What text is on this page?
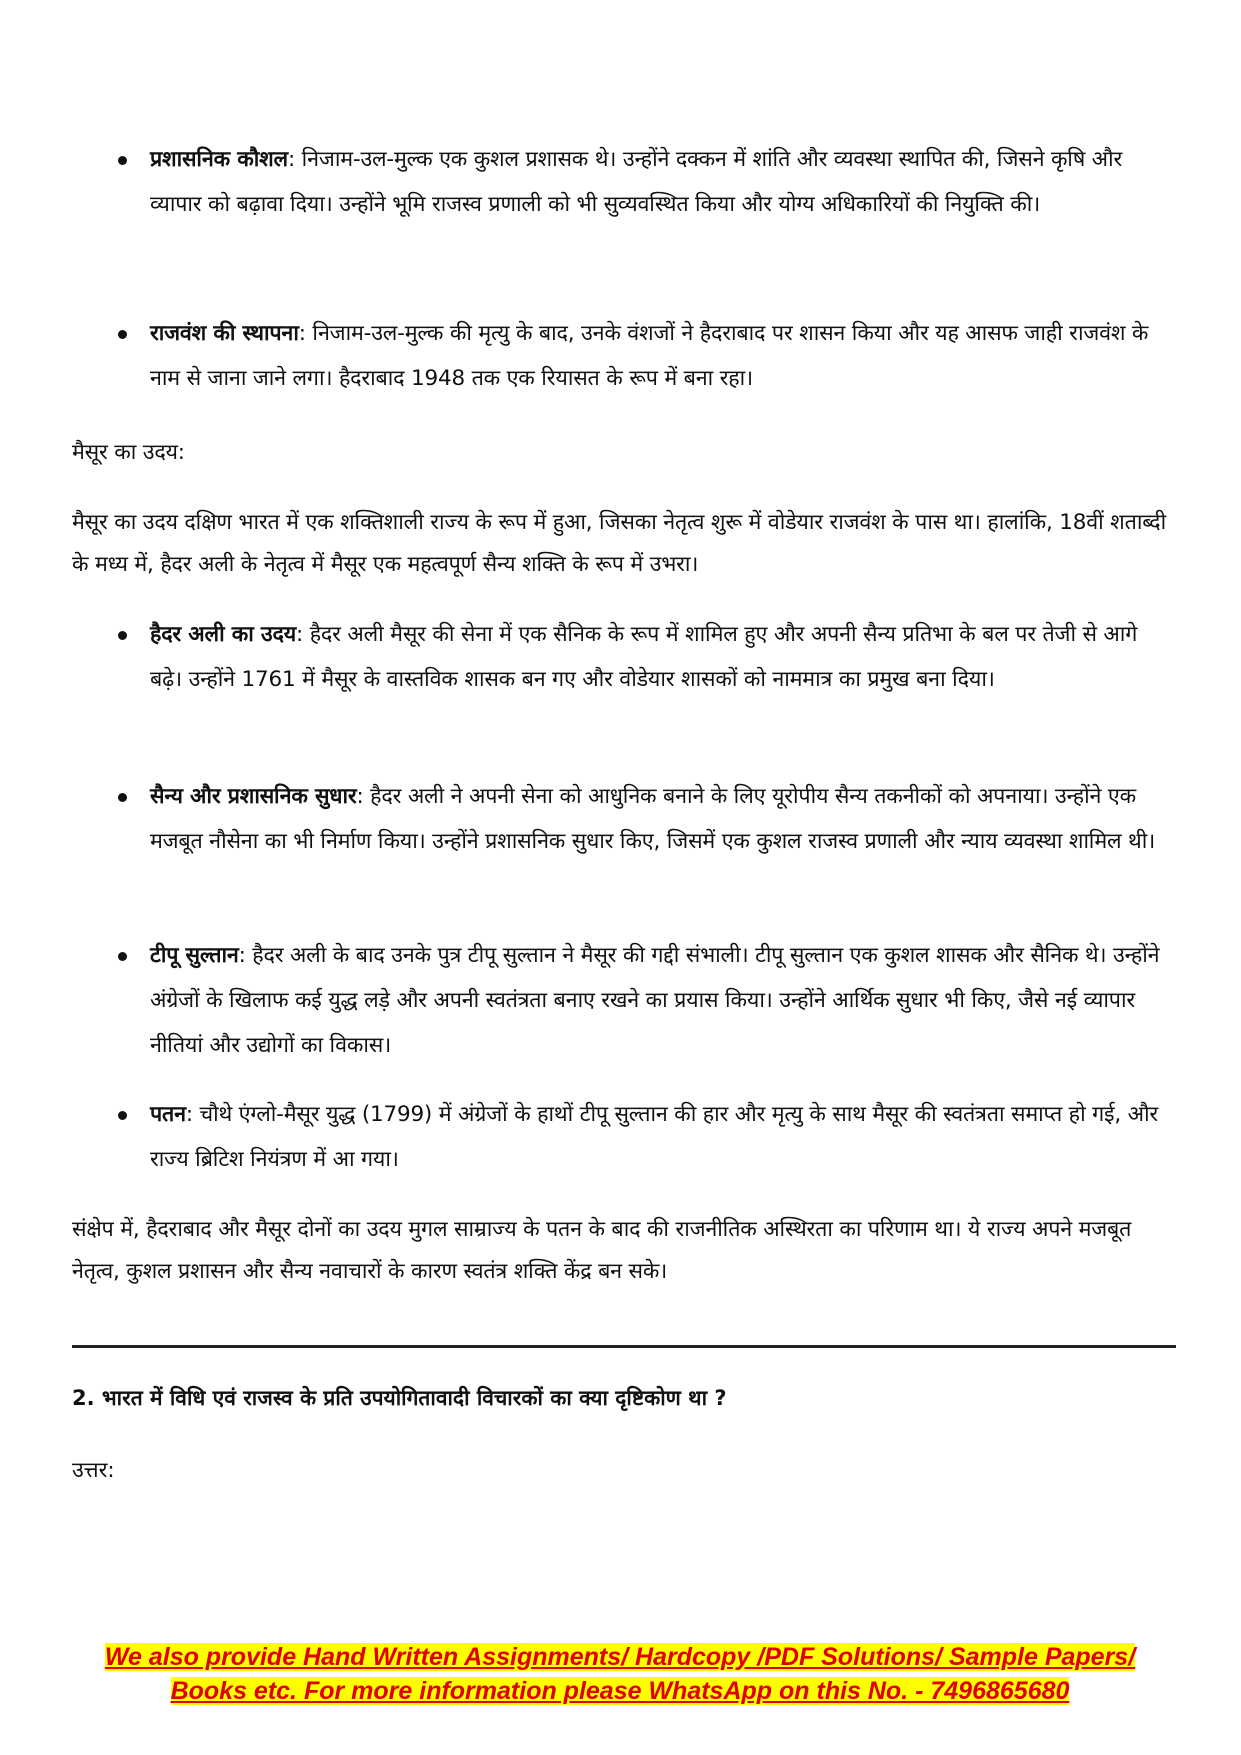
प्रशासनिक कौशल: निजाम-उल-मुल्क एक कुशल प्रशासक थे। उन्होंने दक्कन में शांति और व्यवस्था स्थापित की, जिसने कृषि और व्यापार को बढ़ावा दिया। उन्होंने भूमि राजस्व प्रणाली को भी सुव्यवस्थित किया और योग्य अधिकारियों की नियुक्ति की।
राजवंश की स्थापना: निजाम-उल-मुल्क की मृत्यु के बाद, उनके वंशजों ने हैदराबाद पर शासन किया और यह आसफ जाही राजवंश के नाम से जाना जाने लगा। हैदराबाद 1948 तक एक रियासत के रूप में बना रहा।

मैसूर का उदय:

मैसूर का उदय दक्षिण भारत में एक शक्तिशाली राज्य के रूप में हुआ, जिसका नेतृत्व शुरू में वोडेयार राजवंश के पास था। हालांकि, 18वीं शताब्दी के मध्य में, हैदर अली के नेतृत्व में मैसूर एक महत्वपूर्ण सैन्य शक्ति के रूप में उभरा।

हैदर अली का उदय: हैदर अली मैसूर की सेना में एक सैनिक के रूप में शामिल हुए और अपनी सैन्य प्रतिभा के बल पर तेजी से आगे बढ़े। उन्होंने 1761 में मैसूर के वास्तविक शासक बन गए और वोडेयार शासकों को नाममात्र का प्रमुख बना दिया।
सैन्य और प्रशासनिक सुधार: हैदर अली ने अपनी सेना को आधुनिक बनाने के लिए यूरोपीय सैन्य तकनीकों को अपनाया। उन्होंने एक मजबूत नौसेना का भी निर्माण किया। उन्होंने प्रशासनिक सुधार किए, जिसमें एक कुशल राजस्व प्रणाली और न्याय व्यवस्था शामिल थी।
टीपू सुल्तान: हैदर अली के बाद उनके पुत्र टीपू सुल्तान ने मैसूर की गद्दी संभाली। टीपू सुल्तान एक कुशल शासक और सैनिक थे। उन्होंने अंग्रेजों के खिलाफ कई युद्ध लड़े और अपनी स्वतंत्रता बनाए रखने का प्रयास किया। उन्होंने आर्थिक सुधार भी किए, जैसे नई व्यापार नीतियां और उद्योगों का विकास।
पतन: चौथे एंग्लो-मैसूर युद्ध (1799) में अंग्रेजों के हाथों टीपू सुल्तान की हार और मृत्यु के साथ मैसूर की स्वतंत्रता समाप्त हो गई, और राज्य ब्रिटिश नियंत्रण में आ गया।

संक्षेप में, हैदराबाद और मैसूर दोनों का उदय मुगल साम्राज्य के पतन के बाद की राजनीतिक अस्थिरता का परिणाम था। ये राज्य अपने मजबूत नेतृत्व, कुशल प्रशासन और सैन्य नवाचारों के कारण स्वतंत्र शक्ति केंद्र बन सके।

2. भारत में विधि एवं राजस्व के प्रति उपयोगितावादी विचारकों का क्या दृष्टिकोण था ?

उत्तर:

We also provide Hand Written Assignments/ Hardcopy /PDF Solutions/ Sample Papers/
Books etc. For more information please WhatsApp on this No. - 7496865680
